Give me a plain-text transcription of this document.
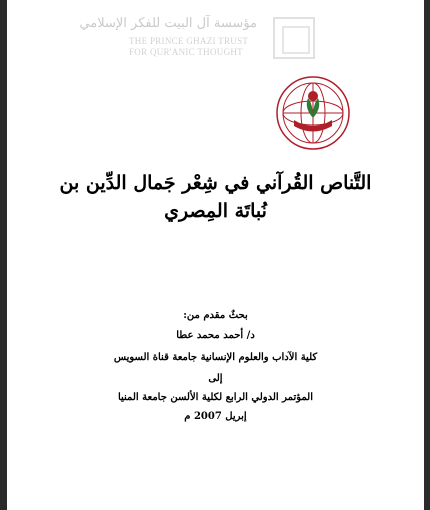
مؤسسة آل البيت للفكر الإسلامي
THE PRINCE GHAZI TRUST
FOR QUR'ANIC THOUGHT
التَّناص القُرآني في شِعْر جَمال الدِّين بن
نُباتَة المِصري
بحثٌ مقدم من:
د/ أحمد محمد عطا
كلية الآداب والعلوم الإنسانية جامعة قناة السويس
إلى
المؤتمر الدولي الرابع لكلية الألسن جامعة المنيا
إبريل 2007 م
